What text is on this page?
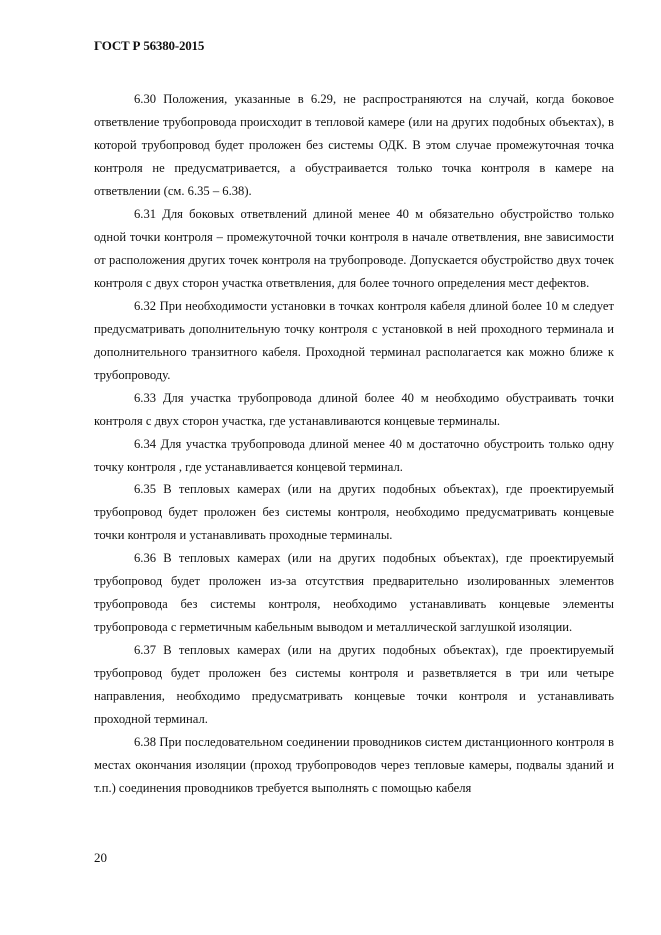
ГОСТ Р 56380-2015

6.30 Положения, указанные в 6.29, не распространяются на случай, когда боковое ответвление трубопровода происходит в тепловой камере (или на других подобных объектах), в которой трубопровод будет проложен без системы ОДК. В этом случае промежуточная точка контроля не предусматривается, а обустраивается только точка контроля в камере на ответвлении (см. 6.35 – 6.38).

6.31 Для боковых ответвлений длиной менее 40 м обязательно обустройство только одной точки контроля – промежуточной точки контроля в начале ответвления, вне зависимости от расположения других точек контроля на трубопроводе. Допускается обустройство двух точек контроля с двух сторон участка ответвления, для более точного определения мест дефектов.

6.32 При необходимости установки в точках контроля кабеля длиной более 10 м следует предусматривать дополнительную точку контроля с установкой в ней проходного терминала и дополнительного транзитного кабеля. Проходной терминал располагается как можно ближе к трубопроводу.

6.33 Для участка трубопровода длиной более 40 м необходимо обустраивать точки контроля с двух сторон участка, где устанавливаются концевые терминалы.

6.34 Для участка трубопровода длиной менее 40 м достаточно обустроить только одну точку контроля , где устанавливается концевой терминал.

6.35 В тепловых камерах (или на других подобных объектах), где проектируемый трубопровод будет проложен без системы контроля, необходимо предусматривать концевые точки контроля и устанавливать проходные терминалы.

6.36 В тепловых камерах (или на других подобных объектах), где проектируемый трубопровод будет проложен из-за отсутствия предварительно изолированных элементов трубопровода без системы контроля, необходимо устанавливать концевые элементы трубопровода с герметичным кабельным выводом и металлической заглушкой изоляции.

6.37 В тепловых камерах (или на других подобных объектах), где проектируемый трубопровод будет проложен без системы контроля и разветвляется в три или четыре направления, необходимо предусматривать концевые точки контроля и устанавливать проходной терминал.

6.38 При последовательном соединении проводников систем дистанционного контроля в местах окончания изоляции (проход трубопроводов через тепловые камеры, подвалы зданий и т.п.) соединения проводников требуется выполнять с помощью кабеля

20
